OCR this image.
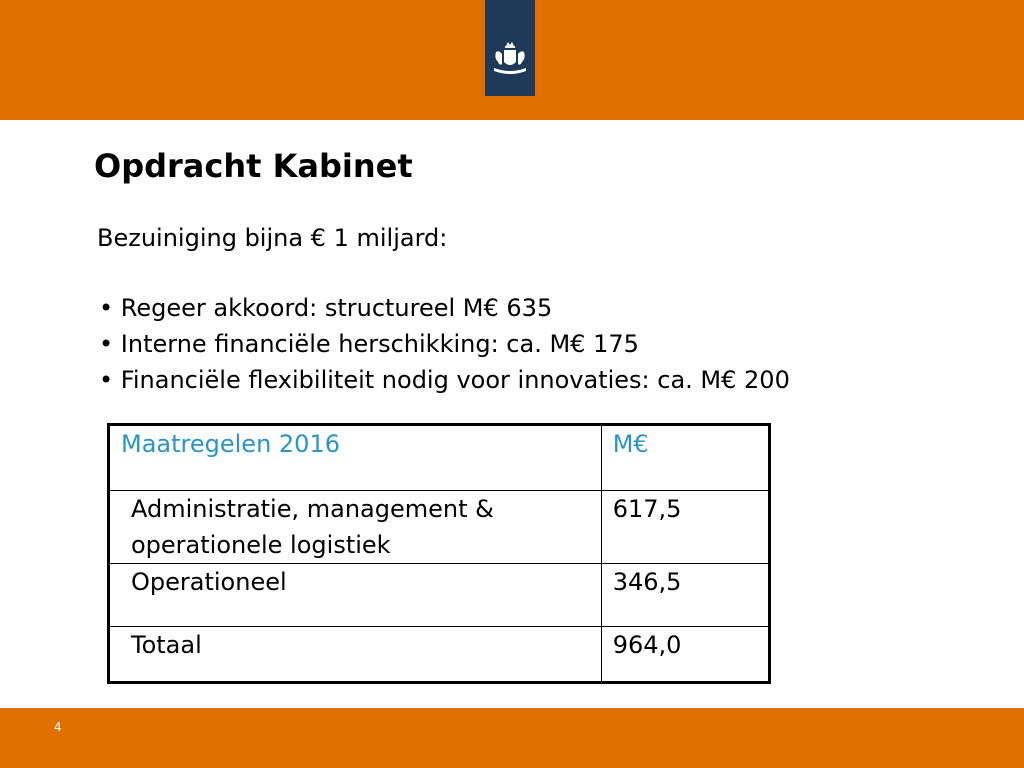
Opdracht Kabinet
Bezuiniging bijna € 1 miljard:
• Regeer akkoord: structureel M€ 635
• Interne financiële herschikking: ca. M€ 175
• Financiële flexibiliteit nodig voor innovaties: ca. M€ 200
Maatregelen 2016	M€
Administratie, management & operationele logistiek	617,5
Operationeel	346,5
Totaal	964,0
4
